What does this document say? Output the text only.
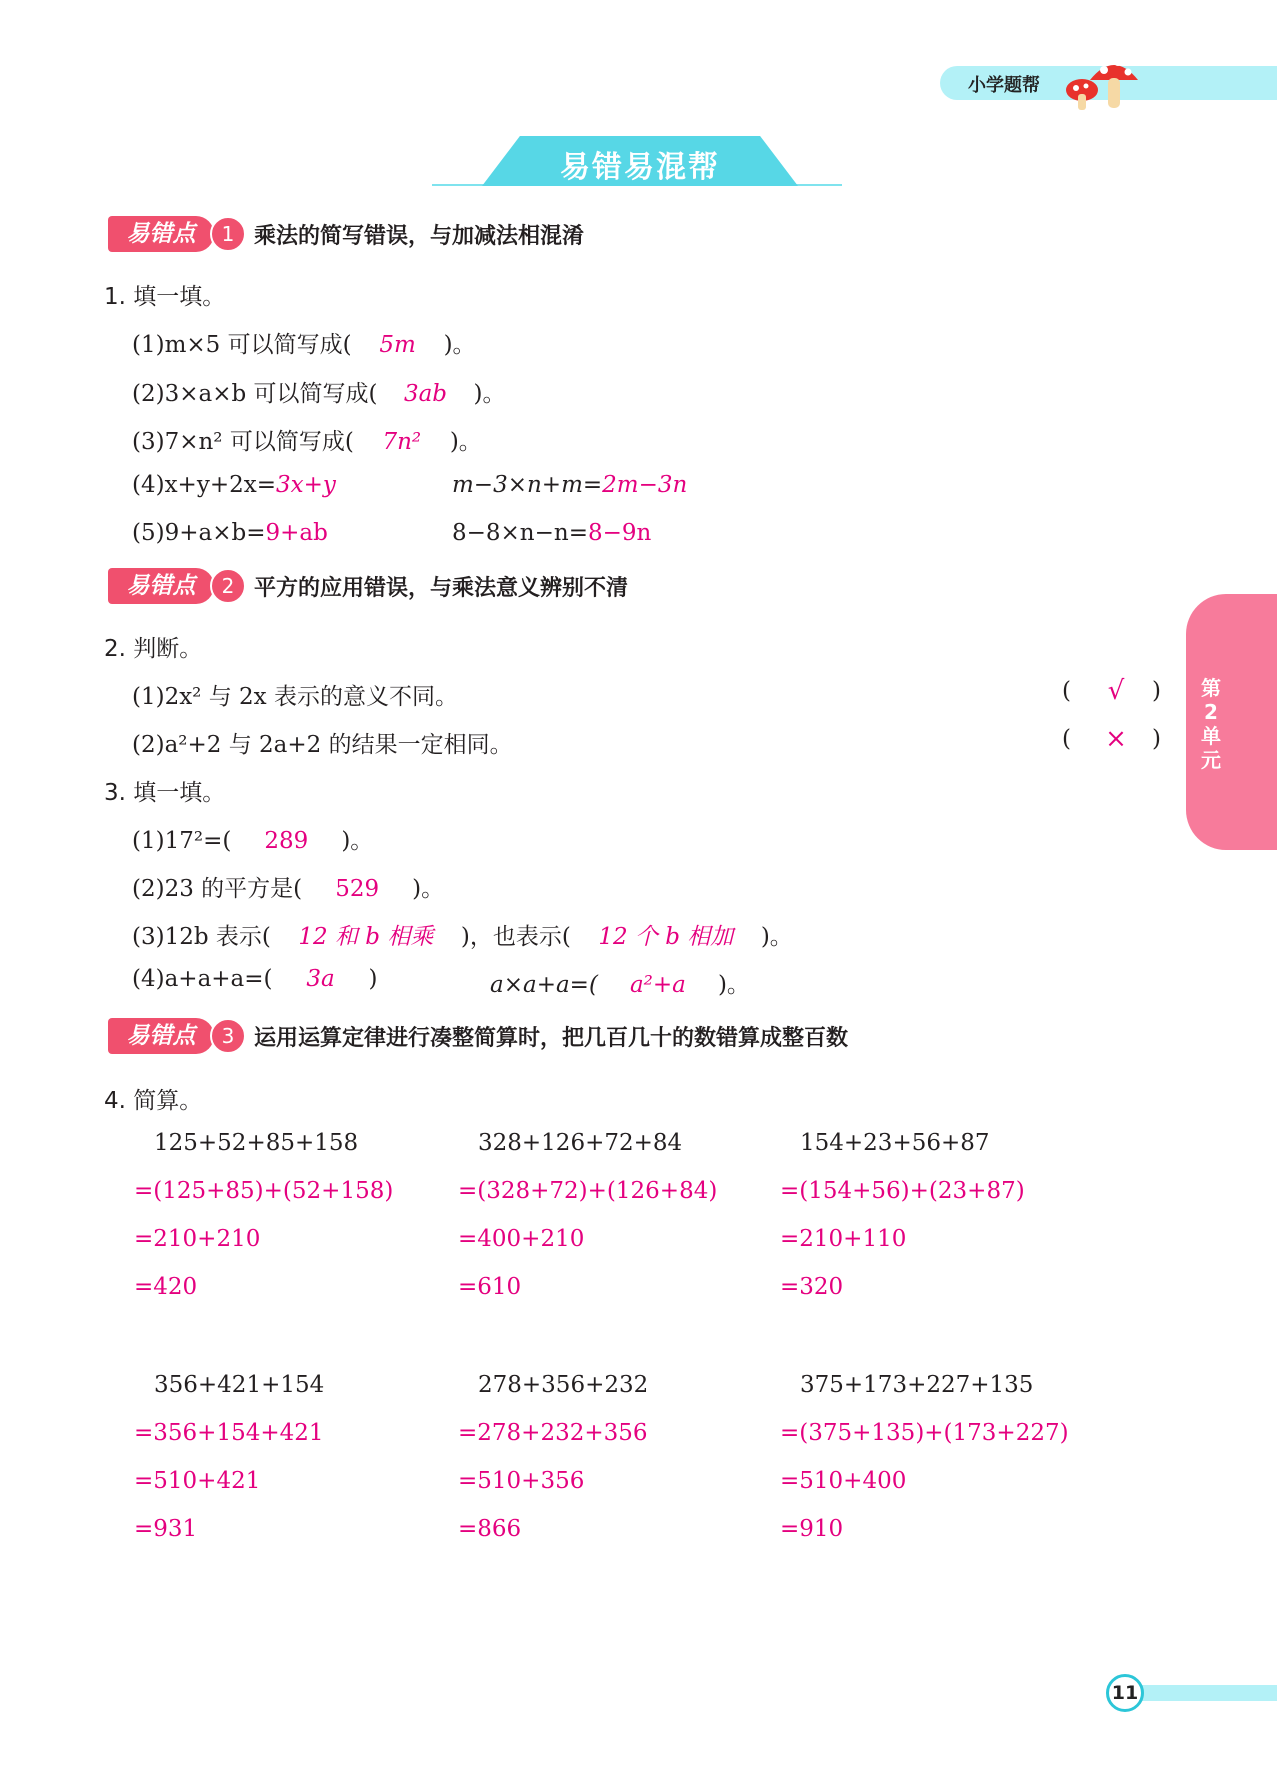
小学题帮
易错易混帮
易错点	1 乘法的简写错误，与加减法相混淆
1. 填一填。
(1)m×5 可以简写成( 5m )。
(2)3×a×b 可以简写成( 3ab )。
(3)7×n² 可以简写成( 7n² )。
(4)x+y+2x=3x+y	m−3×n+m=2m−3n
(5)9+a×b=9+ab	8−8×n−n=8−9n
易错点	2 平方的应用错误，与乘法意义辨别不清
2. 判断。
(1)2x² 与 2x 表示的意义不同。	(	√	)
(2)a²+2 与 2a+2 的结果一定相同。	( ×	)
3. 填一填。
(1)17²=( 289 )。
(2)23 的平方是( 529 )。
(3)12b 表示( 12 和 b 相乘 )，也表示( 12 个 b 相加 )。
(4)a+a+a=( 3a )	a×a+a=( a²+a )。
易错点	3 运用运算定律进行凑整简算时，把几百几十的数错算成整百数
4. 简算。
125+52+85+158
=(125+85)+(52+158)
=210+210
=420
328+126+72+84
=(328+72)+(126+84)
=400+210
=610
154+23+56+87
=(154+56)+(23+87)
=210+110
=320
356+421+154
=356+154+421
=510+421
=931
278+356+232
=278+232+356
=510+356
=866
375+173+227+135
=(375+135)+(173+227)
=510+400
=910
第
2
单
元
11
